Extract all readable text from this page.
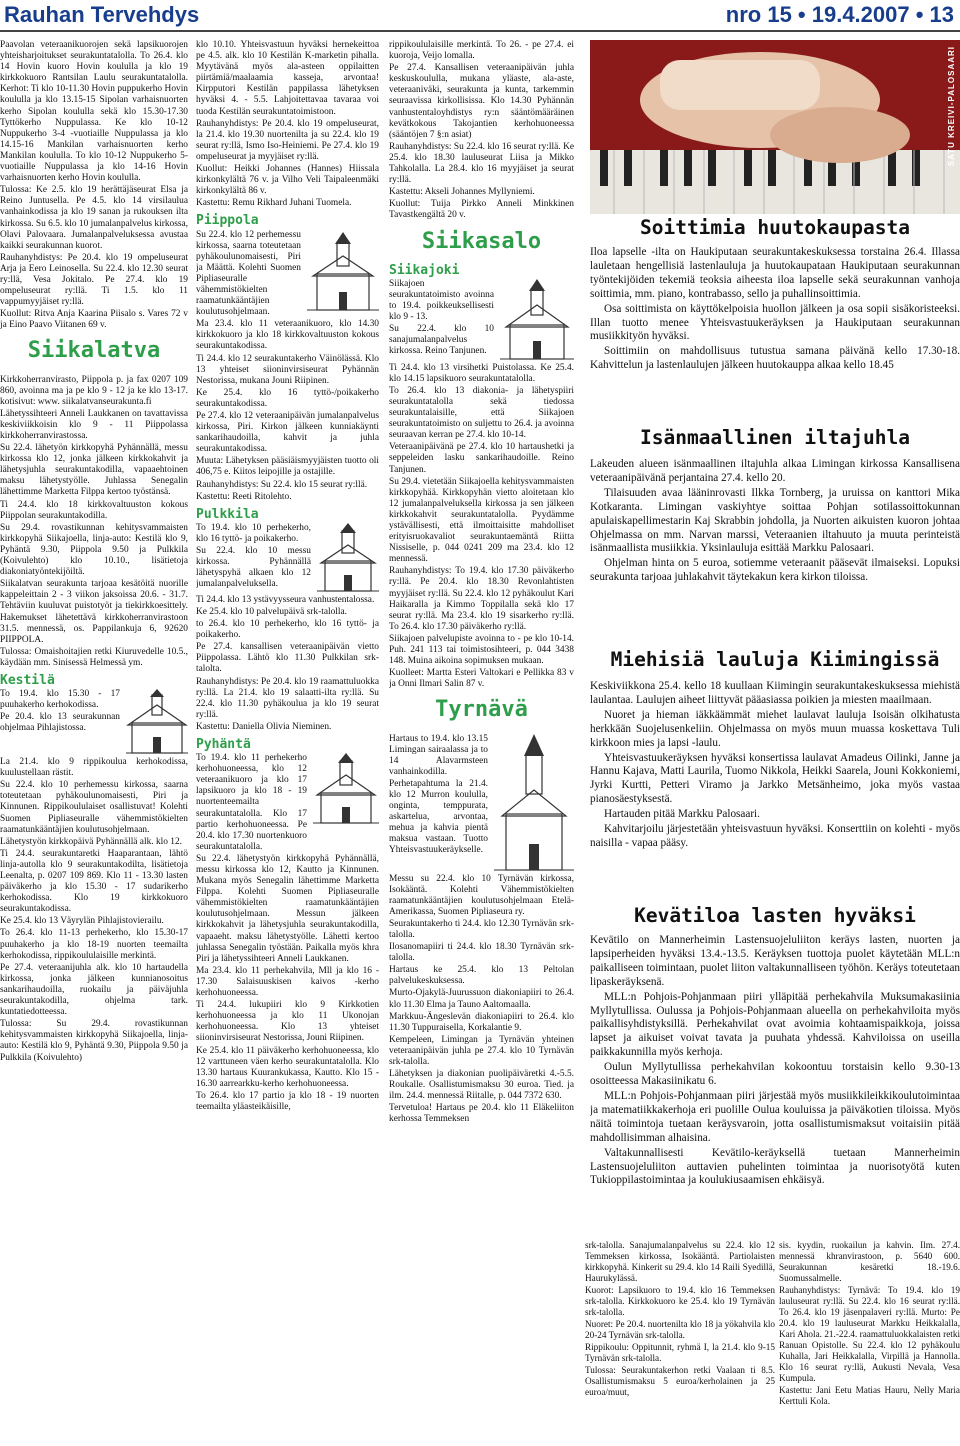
Rauhan Tervehdys	nro 15 • 19.4.2007 • 13

Paavolan veteraanikuorojen sekä lapsikuorojen yhteisharjoitukset seurakuntatalolla. To 26.4. klo 14 Hovin kuoro Hovin koululla ja klo 19 kirkkokuoro Rantsilan Laulu seurakuntatalolla. Kerhot: Ti klo 10-11.30 Hovin puppukerho Hovin koululla ja klo 13.15-15 Sipolan varhaisnuorten kerho Sipolan koululla sekä klo 15.30-17.30 Tyttökerho Nuppulassa. Ke klo 10-12 Nuppukerho 3-4 -vuotiaille Nuppulassa ja klo 14.15-16 Mankilan varhaisnuorten kerho Mankilan koululla. To klo 10-12 Nuppukerho 5-vuotiaille Nuppulassa ja klo 14-16 Hovin varhaisnuorten kerho Hovin koululla.

Tulossa: Ke 2.5. klo 19 herättäjäseurat Elsa ja Reino Juntusella. Pe 4.5. klo 14 virsilaulua vanhainkodissa ja klo 19 sanan ja rukouksen ilta kirkossa. Su 6.5. klo 10 jumalanpalvelus kirkossa, Olavi Palovaara. Jumalanpalveluksessa avustaa kaikki seurakunnan kuorot.

Rauhanyhdistys: Pe 20.4. klo 19 ompeluseurat Arja ja Eero Leinosella. Su 22.4. klo 12.30 seurat ry:llä, Vesa Jokitalo. Pe 27.4. klo 19 ompeluseurat ry:llä. Ti 1.5. klo 11 vappumyyjäiset ry:llä.

Kuollut: Ritva Anja Kaarina Piisalo s. Vares 72 v ja Eino Paavo Viitanen 69 v.

Siikalatva

Kirkkoherranvirasto, Piippola p. ja fax 0207 109 860, avoinna ma ja pe klo 9 - 12 ja ke klo 13-17. kotisivut: www. siikalatvanseurakunta.fi

Lähetyssihteeri Anneli Laukkanen on tavattavissa keskiviikkoisin klo 9 - 11 Piippolassa kirkkoherranvirastossa.

Su 22.4. lähetyön kirkkopyhä Pyhännällä, messu kirkossa klo 12, jonka jälkeen kirkkokahvit ja lähetysjuhla seurakuntakodilla, vapaaehtoinen maksu lähetystyölle. Juhlassa Senegalin lähettimme Marketta Filppa kertoo työstänsä.

Ti 24.4. klo 18 kirkkovaltuuston kokous Piippolan seurakuntakodilla.

Su 29.4. rovastikunnan kehitysvammaisten kirkkopyhä Siikajoella, linja-auto: Kestilä klo 9, Pyhäntä 9.30, Piippola 9.50 ja Pulkkila (Koivulehto) klo 10.10., lisätietoja diakoniatyöntekijöiltä.

Siikalatvan seurakunta tarjoaa kesätöitä nuorille kappeleittain 2 - 3 viikon jaksoissa 20.6. - 31.7. Tehtäviin kuuluvat puistotyöt ja tiekirkkoesittely. Hakemukset lähetettävä kirkkoherranvirastoon 31.5. mennessä, os. Pappilankuja 6, 92620 PIIPPOLA.

Tulossa: Omaishoitajien retki Kiuruvedelle 10.5., käydään mm. Sinisessä Helmessä ym.

Kestilä

To 19.4. klo 15.30 - 17 puuhakerho kerhokodissa.

Pe 20.4. klo 13 seurakunnan ohjelmaa Pihlajistossa.

La 21.4. klo 9 rippikoulua kerhokodissa, kuulustellaan rästit.

Su 22.4. klo 10 perhemessu kirkossa, saarna toteutetaan pyhäkoulunomaisesti, Piri ja Kinnunen. Rippikoululaiset osallistuvat! Kolehti Suomen Pipliaseuralle vähemmistökielten raamatunkääntäjien koulutusohjelmaan.

Lähetystyön kirkkopäivä Pyhännällä alk. klo 12.

Ti 24.4. seurakuntaretki Haaparantaan, lähtö linja-autolla klo 9 seurakuntakodilta, lisätietoja Leenalta, p. 0207 109 869. Klo 11 - 13.30 lasten päiväkerho ja klo 15.30 - 17 sudarikerho kerhokodissa. Klo 19 kirkkokuoro seurakuntakodissa.

Ke 25.4. klo 13 Väyrylän Pihlajistovierailu.

To 26.4. klo 11-13 perhekerho, klo 15.30-17 puuhakerho ja klo 18-19 nuorten teemailta kerhokodissa, rippikoululaisille merkintä.

Pe 27.4. veteraanijuhla alk. klo 10 hartaudella kirkossa, jonka jälkeen kunnianosoitus sankarihaudoilla, ruokailu ja päiväjuhla seurakuntakodilla, ohjelma tark. kuntatiedotteessa.

Tulossa: Su 29.4. rovastikunnan kehitysvammaisten kirkkopyhä Siikajoella, linja-auto: Kestilä klo 9, Pyhäntä 9.30, Piippola 9.50 ja Pulkkila (Koivulehto)

klo 10.10. Yhteisvastuun hyväksi hernekeittoa pe 4.5. alk. klo 10 Kestilän K-marketin pihalla. Myytävänä myös ala-asteen oppilaitten piirtämiä/maalaamia kasseja, arvontaa! Kirpputori Kestilän pappilassa lähetyksen hyväksi 4. - 5.5. Lahjoitettavaa tavaraa voi tuoda Kestilän seurakuntatoimistoon.

Rauhanyhdistys: Pe 20.4. klo 19 ompeluseurat, la 21.4. klo 19.30 nuortenilta ja su 22.4. klo 19 seurat ry:llä, Ismo Iso-Heiniemi. Pe 27.4. klo 19 ompeluseurat ja myyjäiset ry:llä.

Kuollut: Heikki Johannes (Hannes) Hiissala kirkonkylältä 76 v. ja Vilho Veli Taipaleenmäki kirkonkylältä 86 v.

Kastettu: Remu Rikhard Juhani Tuomela.

Piippola

Su 22.4. klo 12 perhemessu kirkossa, saarna toteutetaan pyhäkoulunomaisesti, Piri ja Määttä. Kolehti Suomen Pipliaseuralle vähemmistökielten raamatunkääntäjien koulutusohjelmaan.

Ma 23.4. klo 11 veteraanikuoro, klo 14.30 kirkkokuoro ja klo 18 kirkkovaltuuston kokous seurakuntakodissa.

Ti 24.4. klo 12 seurakuntakerho Väinölässä. Klo 13 yhteiset siioninvirsiseurat Pyhännän Nestorissa, mukana Jouni Riipinen.

Ke 25.4. klo 16 tyttö-/poikakerho seurakuntakodissa.

Pe 27.4. klo 12 veteraanipäivän jumalanpalvelus kirkossa, Piri. Kirkon jälkeen kunniakäynti sankarihaudoilla, kahvit ja juhla seurakuntakodissa.

Muuta: Lähetyksen pääsiäismyyjäisten tuotto oli 406,75 e. Kiitos leipojille ja ostajille.

Rauhanyhdistys: Su 22.4. klo 15 seurat ry:llä.

Kastettu: Reeti Ritolehto.

Pulkkila

To 19.4. klo 10 perhekerho, klo 16 tyttö- ja poikakerho.

Su 22.4. klo 10 messu kirkossa. Pyhännällä lähetyspyhä alkaen klo 12 jumalanpalveluksella.

Ti 24.4. klo 13 ystävyysseura vanhustentalossa.

Ke 25.4. klo 10 palvelupäivä srk-talolla.

to 26.4. klo 10 perhekerho, klo 16 tyttö- ja poikakerho.

Pe 27.4. kansallisen veteraanipäivän vietto Piippolassa. Lähtö klo 11.30 Pulkkilan srk-talolta.

Rauhanyhdistys: Pe 20.4. klo 19 raamattuluokka ry:llä. La 21.4. klo 19 salaatti-ilta ry:llä. Su 22.4. klo 11.30 pyhäkoulua ja klo 19 seurat ry:llä.

Kastettu: Daniella Olivia Nieminen.

Pyhäntä

To 19.4. klo 11 perhekerho kerhohuoneessa, klo 12 veteraanikuoro ja klo 17 lapsikuoro ja klo 18 - 19 nuortenteemailta seurakuntatalolla. Klo 17 partio kerhohuoneessa. Pe 20.4. klo 17.30 nuortenkuoro seurakuntatalolla.

Su 22.4. lähetystyön kirkkopyhä Pyhännällä, messu kirkossa klo 12, Kautto ja Kinnunen. Mukana myös Senegalin lähettimme Marketta Filppa. Kolehti Suomen Pipliaseuralle vähemmistökielten raamatunkääntäjien koulutusohjelmaan. Messun jälkeen kirkkokahvit ja lähetysjuhla seurakuntakodilla, vapaaeht. maksu lähetystyölle. Lähetti kertoo juhlassa Senegalin työstään. Paikalla myös khra Piri ja lähetyssihteeri Anneli Laukkanen.

Ma 23.4. klo 11 perhekahvila, Mll ja klo 16 - 17.30 Salaisuuskisen kaivos -kerho kerhohuoneessa.

Ti 24.4. lukupiiri klo 9 Kirkkotien kerhohuoneessa ja klo 11 Ukonojan kerhohuoneessa. Klo 13 yhteiset siioninvirsiseurat Nestorissa, Jouni Riipinen.

Ke 25.4. klo 11 päiväkerho kerhohuoneessa, klo 12 varttuneen väen kerho seurakuntatalolla. Klo 13.30 hartaus Kuurankukassa, Kautto. Klo 15 - 16.30 aarrearkku-kerho kerhohuoneessa.

To 26.4. klo 17 partio ja klo 18 - 19 nuorten teemailta yläasteikäisille,

rippikoululaisille merkintä. To 26. - pe 27.4. ei kuoroja, Veijo lomalla.

Pe 27.4. Kansallisen veteraanipäivän juhla keskuskoululla, mukana yläaste, ala-aste, veteraaniväki, seurakunta ja kunta, tarkemmin seuraavissa kirkollisissa. Klo 14.30 Pyhännän vanhustentaloyhdistys ry:n sääntömääräinen kevätkokous Takojantien kerhohuoneessa (sääntöjen 7 §:n asiat)

Rauhanyhdistys: Su 22.4. klo 16 seurat ry:llä. Ke 25.4. klo 18.30 lauluseurat Liisa ja Mikko Tahkolalla. La 28.4. klo 16 myyjäiset ja seurat ry:llä.

Kastettu: Akseli Johannes Myllyniemi.

Kuollut: Tuija Pirkko Anneli Minkkinen Tavastkengältä 20 v.

Siikasalo
Siikajoki

Siikajoen seurakuntatoimisto avoinna to 19.4. poikkeuksellisesti klo 9 - 13.

Su 22.4. klo 10 sanajumalanpalvelus kirkossa. Reino Tanjunen.

Ti 24.4. klo 13 virsihetki Puistolassa. Ke 25.4. klo 14.15 lapsikuoro seurakuntatalolla.

To 26.4. klo 13 diakonia- ja lähetyspiiri seurakuntatalolla sekä tiedossa seurakuntalaisille, että Siikajoen seurakuntatoimisto on suljettu to 26.4. ja avoinna seuraavan kerran pe 27.4. klo 10-14.

Veteraanipäivänä pe 27.4. klo 10 hartaushetki ja seppeleiden lasku sankarihaudoille. Reino Tanjunen.

Su 29.4. vietetään Siikajoella kehitysvammaisten kirkkopyhää. Kirkkopyhän vietto aloitetaan klo 12 jumalanpalveluksella kirkossa ja sen jälkeen kirkkokahvit seurakuntatalolla. Pyydämme ystävällisesti, että ilmoittaisitte mahdolliset erityisruokavaliot seurakuntaemäntä Riitta Nissiselle, p. 044 0241 209 ma 23.4. klo 12 mennessä.

Rauhanyhdistys: To 19.4. klo 17.30 päiväkerho ry:llä. Pe 20.4. klo 18.30 Revonlahtisten myyjäiset ry:llä. Su 22.4. klo 12 pyhäkoulut Kari Haikaralla ja Kimmo Toppilalla sekä klo 17 seurat ry:llä. Ma 23.4. klo 19 sisarkerho ry:llä. To 26.4. klo 17.30 päiväkerho ry:llä.

Siikajoen palvelupiste avoinna to - pe klo 10-14. Puh. 241 113 tai toimistosihteeri, p. 044 3438 148. Muina aikoina sopimuksen mukaan.

Kuolleet: Martta Esteri Valtokari e Pellikka 83 v ja Onni Ilmari Salin 87 v.

Tyrnävä

Hartaus to 19.4. klo 13.15 Limingan sairaalassa ja to 14 Alavarmsteen vanhainkodilla.

Perhetapahtuma la 21.4. klo 12 Murron koululla, onginta, temppurata, askartelua, arvontaa, mehua ja kahvia pientä maksua vastaan. Tuotto Yhteisvastuukeräykselle.

Messu su 22.4. klo 10 Tyrnävän kirkossa, Isokääntä. Kolehti Vähemmistökielten raamatunkääntäjien koulutusohjelmaan Etelä-Amerikassa, Suomen Pipliaseura ry.

Seurakuntakerho ti 24.4. klo 12.30 Tyrnävän srk-talolla.

Ilosanomapiiri ti 24.4. klo 18.30 Tyrnävän srk-talolla.

Hartaus ke 25.4. klo 13 Peltolan palvelukeskuksessa.

Murto-Ojakylä-Juurussuon diakoniapiiri to 26.4. klo 11.30 Elma ja Tauno Aaltomaalla.

Markkuu-Ängeslevän diakoniapiiri to 26.4. klo 11.30 Tuppuraisella, Korkalantie 9.

Kempeleen, Limingan ja Tyrnävän yhteinen veteraanipäivän juhla pe 27.4. klo 10 Tyrnävän srk-talolla.

Lähetyksen ja diakonian puolipäiväretki 4.-5.5. Roukalle. Osallistumismaksu 30 euroa. Tied. ja ilm. 24.4. mennessä Riitalle, p. 044 7372 630.

Tervetuloa! Hartaus pe 20.4. klo 11 Eläkeliiton kerhossa Temmeksen

SATU KREIVI-PALOSAARI
Soittimia huutokaupasta

Iloa lapselle -ilta on Haukiputaan seurakuntakeskuksessa torstaina 26.4. Illassa lauletaan hengellisiä lastenlauluja ja huutokaupataan Haukiputaan seurakunnan työntekijöiden tekemiä teoksia aiheesta iloa lapselle sekä seurakunnan vanhoja soittimia, mm. piano, kontrabasso, sello ja puhallinsoittimia.

Osa soittimista on käyttökelpoisia huollon jälkeen ja osa sopii sisäkoristeeksi. Illan tuotto menee Yhteisvastuukeräyksen ja Haukiputaan seurakunnan musiikkityön hyväksi.

Soittimiin on mahdollisuus tutustua samana päivänä kello 17.30-18. Kahvittelun ja lastenlaulujen jälkeen huutokauppa alkaa kello 18.45

Isänmaallinen iltajuhla

Lakeuden alueen isänmaallinen iltajuhla alkaa Limingan kirkossa Kansallisena veteraanipäivänä perjantaina 27.4. kello 20.

Tilaisuuden avaa lääninrovasti Ilkka Tornberg, ja uruissa on kanttori Mika Kotkaranta. Limingan vaskiyhtye soittaa Pohjan sotilassoittokunnan apulaiskapellimestarin Kaj Skrabbin johdolla, ja Nuorten aikuisten kuoron johtaa Ohjelmassa on mm. Narvan marssi, Veteraanien iltahuuto ja muuta perinteistä isänmaallista musiikkia. Yksinlauluja esittää Markku Palosaari.

Ohjelman hinta on 5 euroa, sotiemme veteraanit pääsevät ilmaiseksi. Lopuksi seurakunta tarjoaa juhlakahvit täytekakun kera kirkon tiloissa.

Miehisiä lauluja Kiimingissä

Keskiviikkona 25.4. kello 18 kuullaan Kiimingin seurakuntakeskuksessa miehistä laulantaa. Laulujen aiheet liittyvät pääasiassa poikien ja miesten maailmaan.

Nuoret ja hieman iäkkäämmät miehet laulavat lauluja Isoisän olkihatusta herkkään Suojelusenkeliin. Ohjelmassa on myös muun muassa koskettava Tuli kirkkoon mies ja lapsi -laulu.

Yhteisvastuukeräyksen hyväksi konsertissa laulavat Amadeus Oilinki, Janne ja Hannu Kajava, Matti Laurila, Tuomo Nikkola, Heikki Saarela, Jouni Kokkoniemi, Jyrki Kurtti, Petteri Viramo ja Jarkko Metsänheimo, joka myös vastaa pianosäestyksestä.

Hartauden pitää Markku Palosaari.

Kahvitarjoilu järjestetään yhteisvastuun hyväksi. Konserttiin on kolehti - myös naisilla - vapaa pääsy.

Kevätiloa lasten hyväksi

Kevätilo on Mannerheimin Lastensuojeluliiton keräys lasten, nuorten ja lapsiperheiden hyväksi 13.4.-13.5. Keräyksen tuottoja puolet käytetään MLL:n paikalliseen toimintaan, puolet liiton valtakunnalliseen työhön. Keräys toteutetaan lipaskeräyksenä.

MLL:n Pohjois-Pohjanmaan piiri ylläpitää perhekahvila Muksumakasiinia Myllytullissa. Oulussa ja Pohjois-Pohjanmaan alueella on perhekahviloita myös paikallisyhdistyksillä. Perhekahvilat ovat avoimia kohtaamispaikkoja, joissa lapset ja aikuiset voivat tavata ja puuhata yhdessä. Kahviloissa on useilla paikkakunnilla myös kerhoja.

Oulun Myllytullissa perhekahvilan kokoontuu torstaisin kello 9.30-13 osoitteessa Makasiinikatu 6.

MLL:n Pohjois-Pohjanmaan piiri järjestää myös musiikkileikkikoulutoimintaa ja matematiikkakerhoja eri puolille Oulua kouluissa ja päiväkotien tiloissa. Myös näitä toimintoja tuetaan keräysvaroin, jotta osallistumismaksut voitaisiin pitää mahdollisimman alhaisina.

Valtakunnallisesti Kevätilo-keräyksellä tuetaan Mannerheimin Lastensuojeluliiton auttavien puhelinten toimintaa ja nuorisotyötä kuten Tukioppilastoimintaa ja koulukiusaamisen ehkäisyä.

srk-talolla. Sanajumalanpalvelus su 22.4. klo 12 Temmeksen kirkossa, Isokääntä. Partiolaisten kirkkopyhä. Kinkerit su 29.4. klo 14 Raili Syedillä, Haurukylässä.

Kuorot: Lapsikuoro to 19.4. klo 16 Temmeksen srk-talolla. Kirkkokuoro ke 25.4. klo 19 Tyrnävän srk-talolla.

Nuoret: Pe 20.4. nuortenilta klo 18 ja yökahvila klo 20-24 Tyrnävän srk-talolla.

Rippikoulu: Oppitunnit, ryhmä I, la 21.4. klo 9-15 Tyrnävän srk-talolla.

Tulossa: Seurakuntakerhon retki Vaalaan ti 8.5. Osallistumismaksu 5 euroa/kerholainen ja 25 euroa/muut,

sis. kyydin, ruokailun ja kahvin. Ilm. 27.4. mennessä khranvirastoon, p. 5640 600. Seurakunnan kesäretki 18.-19.6. Suomussalmelle.

Rauhanyhdistys: Tyrnävä: To 19.4. klo 19 lauluseurat ry:llä. Su 22.4. klo 16 seurat ry:llä. To 26.4. klo 19 jäsenpalaveri ry:llä. Murto: Pe 20.4. klo 19 lauluseurat Markku Heikkalalla, Kari Ahola. 21.-22.4. raamattuluokkalaisten retki Ranuan Opistolle. Su 22.4. klo 12 pyhäkoulu Kuhalla, Jari Heikkalalla, Virpillä ja Hannolla. Klo 16 seurat ry:llä, Aukusti Nevala, Vesa Kumpula.

Kastettu: Jani Eetu Matias Hauru, Nelly Maria Kerttuli Kola.
